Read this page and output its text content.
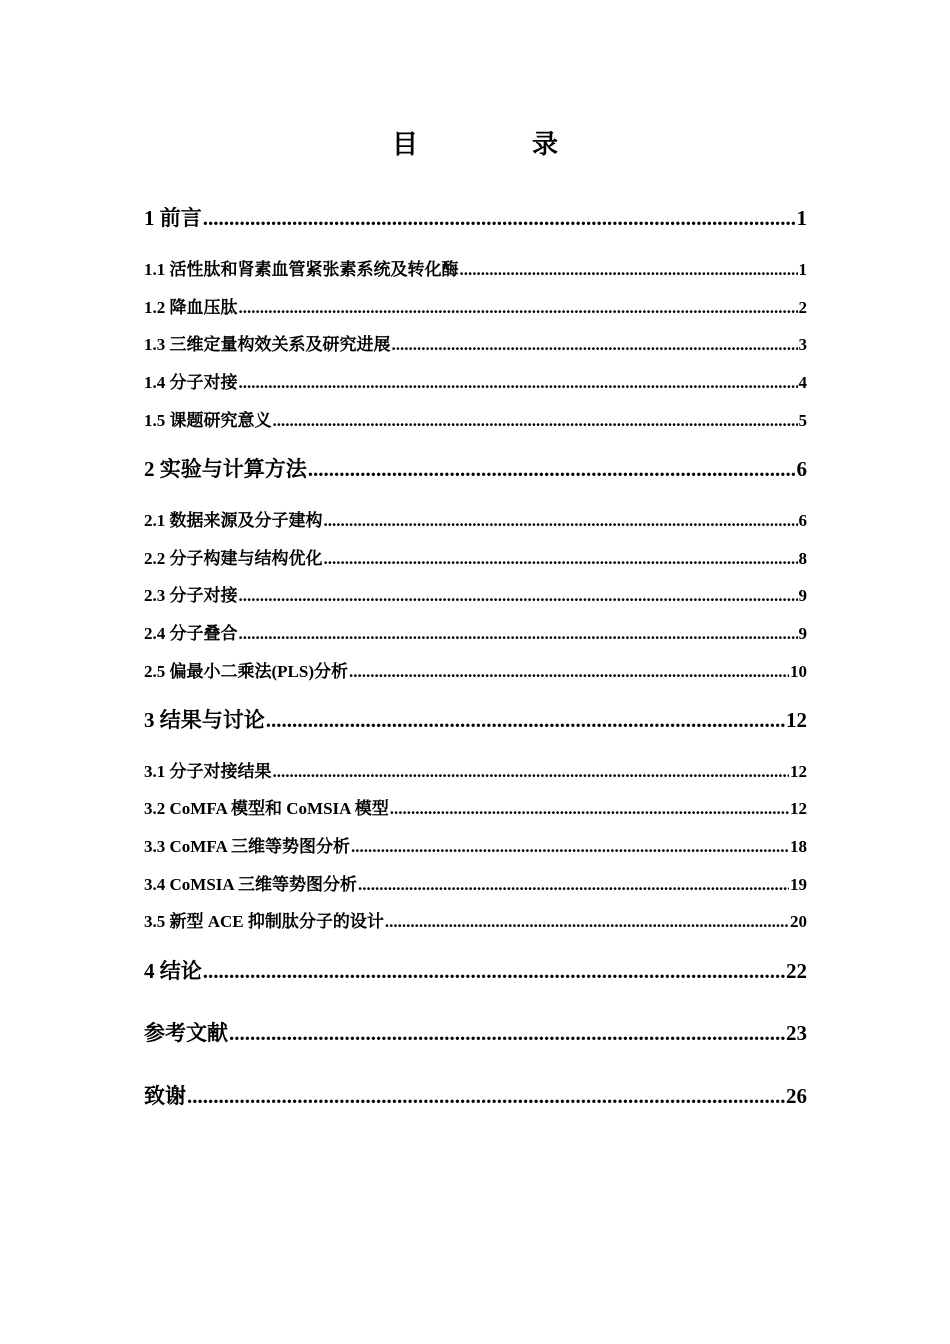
目　录
1 前言 .....	1
1.1 活性肽和肾素血管紧张素系统及转化酶 .....	1
1.2 降血压肽 .....	2
1.3 三维定量构效关系及研究进展 .....	3
1.4 分子对接 .....	4
1.5 课题研究意义 .....	5
2 实验与计算方法 .....	6
2.1 数据来源及分子建构 .....	6
2.2 分子构建与结构优化 .....	8
2.3 分子对接 .....	9
2.4 分子叠合 .....	9
2.5 偏最小二乘法(PLS)分析 .....	10
3 结果与讨论 .....	12
3.1 分子对接结果 .....	12
3.2 CoMFA 模型和 CoMSIA 模型 .....	12
3.3 CoMFA 三维等势图分析 .....	18
3.4 CoMSIA 三维等势图分析 .....	19
3.5 新型 ACE 抑制肽分子的设计 .....	20
4 结论 .....	22
参考文献 .....	23
致谢 .....	26
